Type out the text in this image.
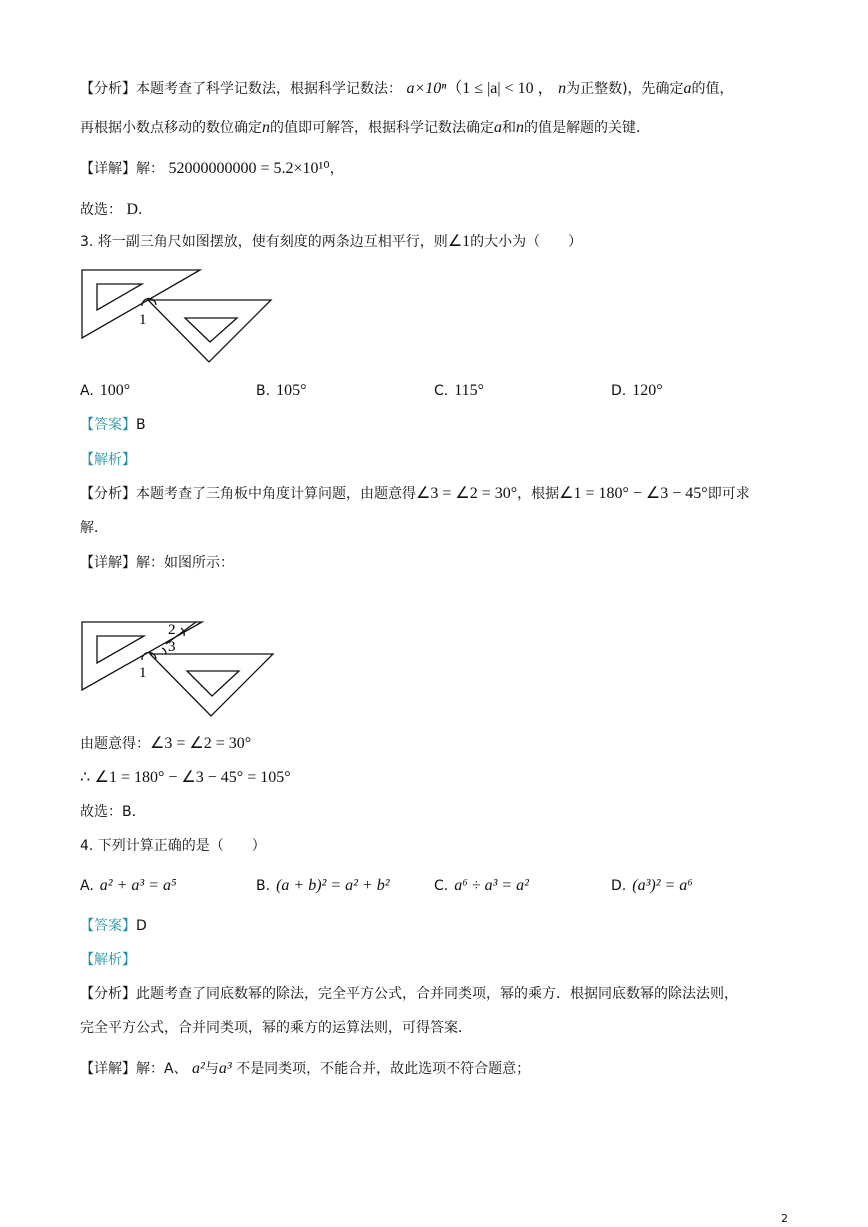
【分析】本题考查了科学记数法，根据科学记数法： a×10ⁿ（1 ≤ |a| < 10 ， n为正整数)，先确定a的值，
再根据小数点移动的数位确定n的值即可解答，根据科学记数法确定a和n的值是解题的关键．
【详解】解： 52000000000 = 5.2×10¹⁰，
故选： D．
3. 将一副三角尺如图摆放，使有刻度的两条边互相平行，则∠1的大小为（　　）
1
A. 100°	B. 105°	C. 115°	D. 120°
【答案】B
【解析】
【分析】本题考查了三角板中角度计算问题，由题意得∠3 = ∠2 = 30°，根据∠1 = 180° − ∠3 − 45°即可求
解．
【详解】解：如图所示：
1
2
3
由题意得：∠3 = ∠2 = 30°
∴ ∠1 = 180° − ∠3 − 45° = 105°
故选：B．
4. 下列计算正确的是（　　）
A. a² + a³ = a⁵	B. (a + b)² = a² + b²	C. a⁶ ÷ a³ = a²	D. (a³)² = a⁶
【答案】D
【解析】
【分析】此题考查了同底数幂的除法，完全平方公式，合并同类项，幂的乘方．根据同底数幂的除法法则，
完全平方公式，合并同类项，幂的乘方的运算法则，可得答案．
【详解】解：A、 a²与a³ 不是同类项，不能合并，故此选项不符合题意；
2
